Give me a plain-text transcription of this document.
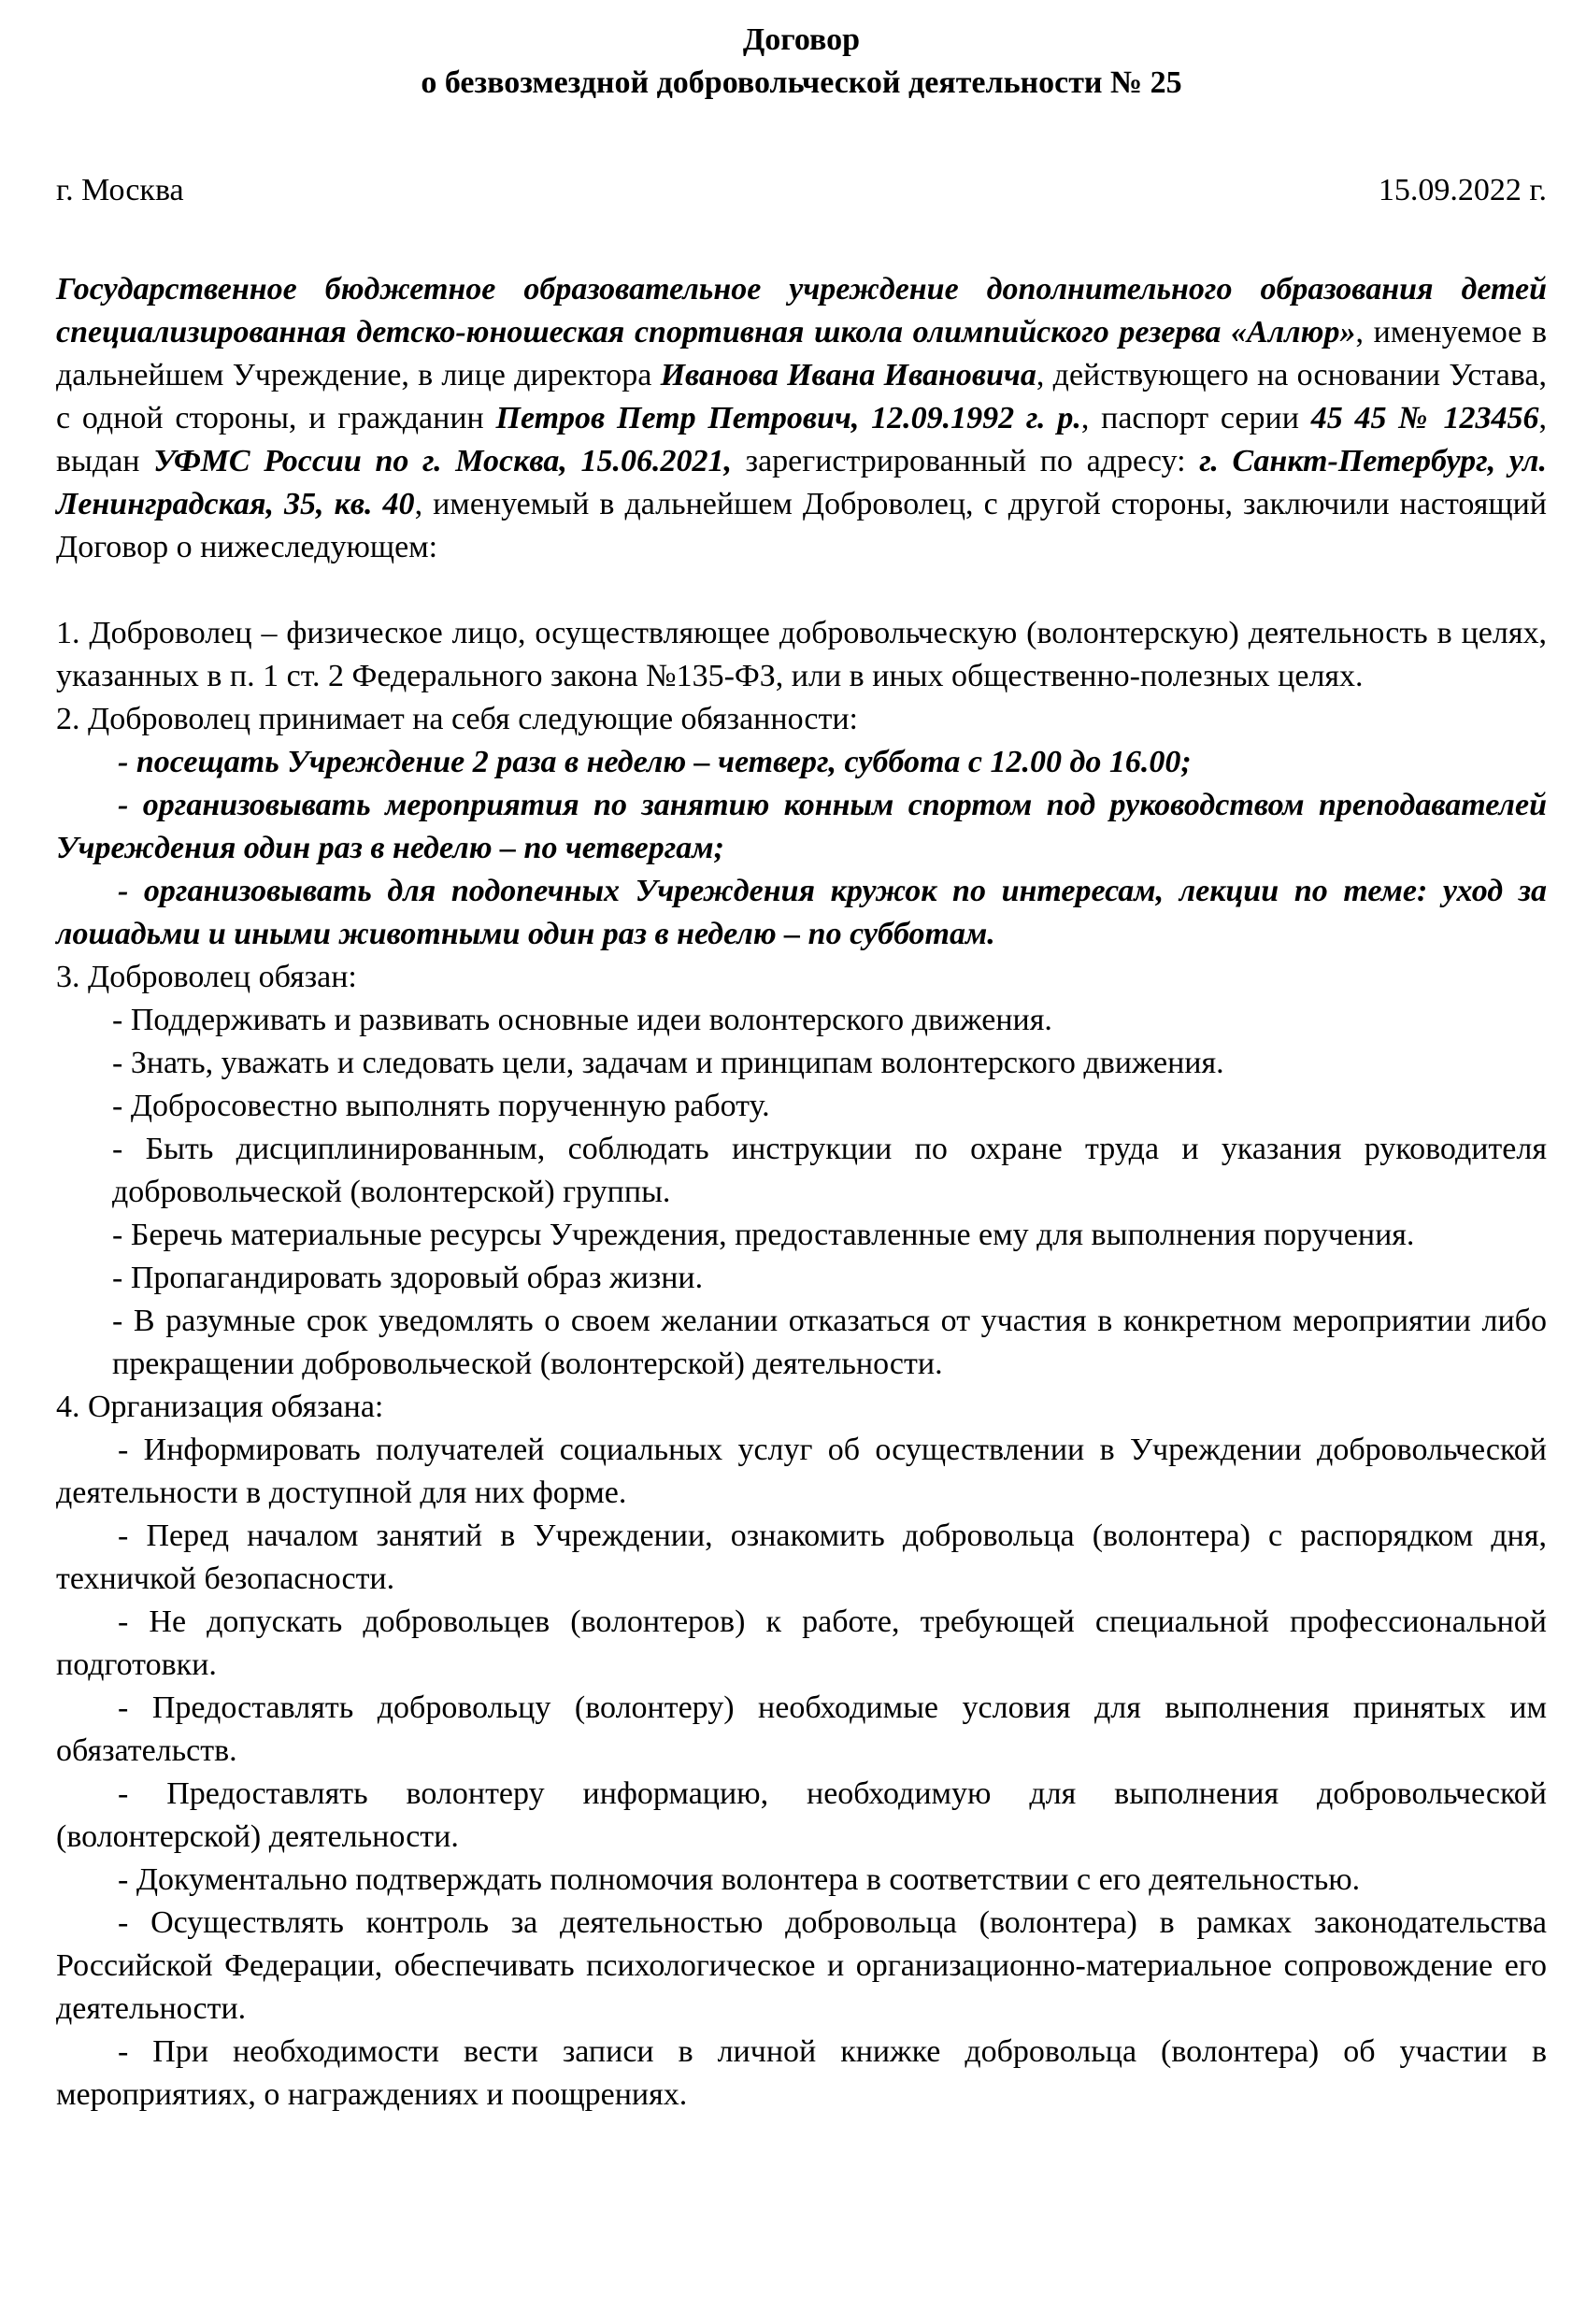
Договор
о безвозмездной добровольческой деятельности № 25
г. Москва	15.09.2022 г.

Государственное бюджетное образовательное учреждение дополнительного образования детей специализированная детско-юношеская спортивная школа олимпийского резерва «Аллюр», именуемое в дальнейшем Учреждение, в лице директора Иванова Ивана Ивановича, действующего на основании Устава, с одной стороны, и гражданин Петров Петр Петрович, 12.09.1992 г. р., паспорт серии 45 45 № 123456, выдан УФМС России по г. Москва, 15.06.2021, зарегистрированный по адресу: г. Санкт-Петербург, ул. Ленинградская, 35, кв. 40, именуемый в дальнейшем Доброволец, с другой стороны, заключили настоящий Договор о нижеследующем:

1. Доброволец – физическое лицо, осуществляющее добровольческую (волонтерскую) деятельность в целях, указанных в п. 1 ст. 2 Федерального закона №135-ФЗ, или в иных общественно-полезных целях.

2. Доброволец принимает на себя следующие обязанности:

- посещать Учреждение 2 раза в неделю – четверг, суббота с 12.00 до 16.00;

- организовывать мероприятия по занятию конным спортом под руководством преподавателей Учреждения один раз в неделю – по четвергам;

- организовывать для подопечных Учреждения кружок по интересам, лекции по теме: уход за лошадьми и иными животными один раз в неделю – по субботам.

3. Доброволец обязан:

- Поддерживать и развивать основные идеи волонтерского движения.

- Знать, уважать и следовать цели, задачам и принципам волонтерского движения.

- Добросовестно выполнять порученную работу.

- Быть дисциплинированным, соблюдать инструкции по охране труда и указания руководителя добровольческой (волонтерской) группы.

- Беречь материальные ресурсы Учреждения, предоставленные ему для выполнения поручения.

- Пропагандировать здоровый образ жизни.

- В разумные срок уведомлять о своем желании отказаться от участия в конкретном мероприятии либо прекращении добровольческой (волонтерской) деятельности.

4. Организация обязана:

- Информировать получателей социальных услуг об осуществлении в Учреждении добровольческой деятельности в доступной для них форме.

- Перед началом занятий в Учреждении, ознакомить добровольца (волонтера) с распорядком дня, техничкой безопасности.

- Не допускать добровольцев (волонтеров) к работе, требующей специальной профессиональной подготовки.

- Предоставлять добровольцу (волонтеру) необходимые условия для выполнения принятых им обязательств.

- Предоставлять волонтеру информацию, необходимую для выполнения добровольческой (волонтерской) деятельности.

- Документально подтверждать полномочия волонтера в соответствии с его деятельностью.

- Осуществлять контроль за деятельностью добровольца (волонтера) в рамках законодательства Российской Федерации, обеспечивать психологическое и организационно-материальное сопровождение его деятельности.

- При необходимости вести записи в личной книжке добровольца (волонтера) об участии в мероприятиях, о награждениях и поощрениях.
